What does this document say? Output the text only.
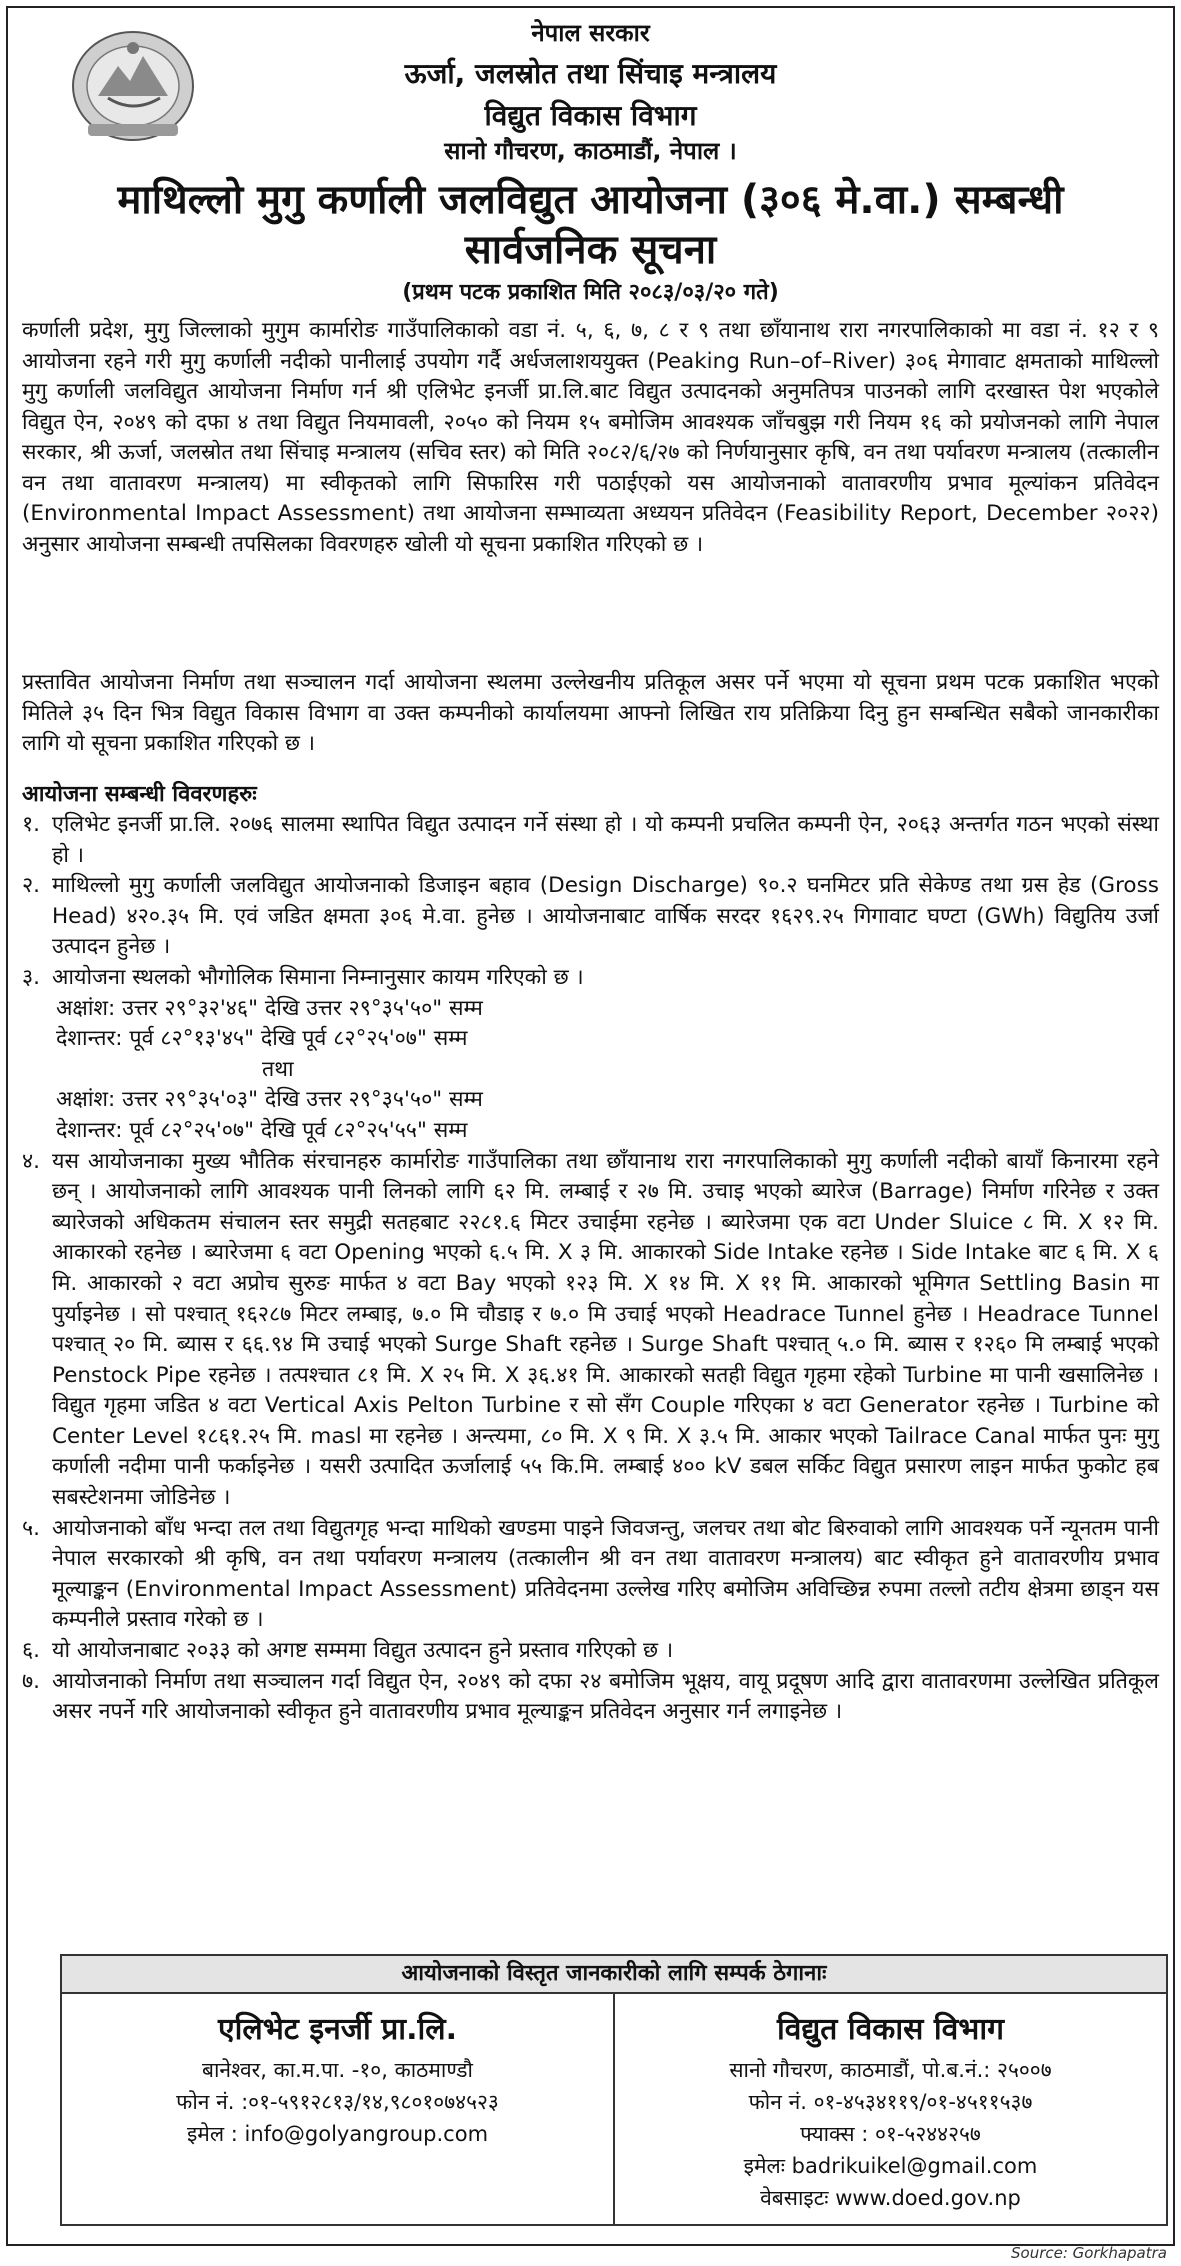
नेपाल सरकार
ऊर्जा, जलस्रोत तथा सिंचाइ मन्त्रालय
विद्युत विकास विभाग
सानो गौचरण, काठमाडौं, नेपाल ।
माथिल्लो मुगु कर्णाली जलविद्युत आयोजना (३०६ मे.वा.) सम्बन्धी
सार्वजनिक सूचना
(प्रथम पटक प्रकाशित मिति २०८३/०३/२० गते)

कर्णाली प्रदेश, मुगु जिल्लाको मुगुम कार्मारोङ गाउँपालिकाको वडा नं. ५, ६, ७, ८ र ९ तथा छाँयानाथ रारा नगरपालिकाको मा वडा नं. १२ र ९ आयोजना रहने गरी मुगु कर्णाली नदीको पानीलाई उपयोग गर्दै अर्धजलाशययुक्त (Peaking Run–of–River) ३०६ मेगावाट क्षमताको माथिल्लो मुगु कर्णाली जलविद्युत आयोजना निर्माण गर्न श्री एलिभेट इनर्जी प्रा.लि.बाट विद्युत उत्पादनको अनुमतिपत्र पाउनको लागि दरखास्त पेश भएकोले विद्युत ऐन, २०४९ को दफा ४ तथा विद्युत नियमावली, २०५० को नियम १५ बमोजिम आवश्यक जाँचबुझ गरी नियम १६ को प्रयोजनको लागि नेपाल सरकार, श्री ऊर्जा, जलस्रोत तथा सिंचाइ मन्त्रालय (सचिव स्तर) को मिति २०८२/६/२७ को निर्णयानुसार कृषि, वन तथा पर्यावरण मन्त्रालय (तत्कालीन वन तथा वातावरण मन्त्रालय) मा स्वीकृतको लागि सिफारिस गरी पठाईएको यस आयोजनाको वातावरणीय प्रभाव मूल्यांकन प्रतिवेदन (Environmental Impact Assessment) तथा आयोजना सम्भाव्यता अध्ययन प्रतिवेदन (Feasibility Report, December २०२२) अनुसार आयोजना सम्बन्धी तपसिलका विवरणहरु खोली यो सूचना प्रकाशित गरिएको छ ।

प्रस्तावित आयोजना निर्माण तथा सञ्चालन गर्दा आयोजना स्थलमा उल्लेखनीय प्रतिकूल असर पर्ने भएमा यो सूचना प्रथम पटक प्रकाशित भएको मितिले ३५ दिन भित्र विद्युत विकास विभाग वा उक्त कम्पनीको कार्यालयमा आफ्नो लिखित राय प्रतिक्रिया दिनु हुन सम्बन्धित सबैको जानकारीका लागि यो सूचना प्रकाशित गरिएको छ ।

आयोजना सम्बन्धी विवरणहरुः
१. एलिभेट इनर्जी प्रा.लि. २०७६ सालमा स्थापित विद्युत उत्पादन गर्ने संस्था हो । यो कम्पनी प्रचलित कम्पनी ऐन, २०६३ अन्तर्गत गठन भएको संस्था हो ।
२. माथिल्लो मुगु कर्णाली जलविद्युत आयोजनाको डिजाइन बहाव (Design Discharge) ९०.२ घनमिटर प्रति सेकेण्ड तथा ग्रस हेड (Gross Head) ४२०.३५ मि. एवं जडित क्षमता ३०६ मे.वा. हुनेछ । आयोजनाबाट वार्षिक सरदर १६२९.२५ गिगावाट घण्टा (GWh) विद्युतिय उर्जा उत्पादन हुनेछ ।
३. आयोजना स्थलको भौगोलिक सिमाना निम्नानुसार कायम गरिएको छ ।
अक्षांश: उत्तर २९°३२'४६" देखि उत्तर २९°३५'५०" सम्म
देशान्तर: पूर्व ८२°१३'४५" देखि पूर्व ८२°२५'०७" सम्म
तथा
अक्षांश: उत्तर २९°३५'०३" देखि उत्तर २९°३५'५०" सम्म
देशान्तर: पूर्व ८२°२५'०७" देखि पूर्व ८२°२५'५५" सम्म
४. यस आयोजनाका मुख्य भौतिक संरचानहरु कार्मारोङ गाउँपालिका तथा छाँयानाथ रारा नगरपालिकाको मुगु कर्णाली नदीको बायाँ किनारमा रहने छन् । आयोजनाको लागि आवश्यक पानी लिनको लागि ६२ मि. लम्बाई र २७ मि. उचाइ भएको ब्यारेज (Barrage) निर्माण गरिनेछ र उक्त ब्यारेजको अधिकतम संचालन स्तर समुद्री सतहबाट २२८१.६ मिटर उचाईमा रहनेछ । ब्यारेजमा एक वटा Under Sluice ८ मि. X १२ मि. आकारको रहनेछ । ब्यारेजमा ६ वटा Opening भएको ६.५ मि. X ३ मि. आकारको Side Intake रहनेछ । Side Intake बाट ६ मि. X ६ मि. आकारको २ वटा अप्रोच सुरुङ मार्फत ४ वटा Bay भएको १२३ मि. X १४ मि. X ११ मि. आकारको भूमिगत Settling Basin मा पुर्याइनेछ । सो पश्चात् १६२८७ मिटर लम्बाइ, ७.० मि चौडाइ र ७.० मि उचाई भएको Headrace Tunnel हुनेछ । Headrace Tunnel पश्चात् २० मि. ब्यास र ६६.९४ मि उचाई भएको Surge Shaft रहनेछ । Surge Shaft पश्चात् ५.० मि. ब्यास र १२६० मि लम्बाई भएको Penstock Pipe रहनेछ । तत्पश्चात ८१ मि. X २५ मि. X ३६.४१ मि. आकारको सतही विद्युत गृहमा रहेको Turbine मा पानी खसालिनेछ । विद्युत गृहमा जडित ४ वटा Vertical Axis Pelton Turbine र सो सँग Couple गरिएका ४ वटा Generator रहनेछ । Turbine को Center Level १८६१.२५ मि. masl मा रहनेछ । अन्त्यमा, ८० मि. X ९ मि. X ३.५ मि. आकार भएको Tailrace Canal मार्फत पुनः मुगु कर्णाली नदीमा पानी फर्काइनेछ । यसरी उत्पादित ऊर्जालाई ५५ कि.मि. लम्बाई ४०० kV डबल सर्किट विद्युत प्रसारण लाइन मार्फत फुकोट हब सबस्टेशनमा जोडिनेछ ।
५. आयोजनाको बाँध भन्दा तल तथा विद्युतगृह भन्दा माथिको खण्डमा पाइने जिवजन्तु, जलचर तथा बोट बिरुवाको लागि आवश्यक पर्ने न्यूनतम पानी नेपाल सरकारको श्री कृषि, वन तथा पर्यावरण मन्त्रालय (तत्कालीन श्री वन तथा वातावरण मन्त्रालय) बाट स्वीकृत हुने वातावरणीय प्रभाव मूल्याङ्कन (Environmental Impact Assessment) प्रतिवेदनमा उल्लेख गरिए बमोजिम अविच्छिन्न रुपमा तल्लो तटीय क्षेत्रमा छाड्न यस कम्पनीले प्रस्ताव गरेको छ ।
६. यो आयोजनाबाट २०३३ को अगष्ट सम्ममा विद्युत उत्पादन हुने प्रस्ताव गरिएको छ ।
७. आयोजनाको निर्माण तथा सञ्चालन गर्दा विद्युत ऐन, २०४९ को दफा २४ बमोजिम भूक्षय, वायू प्रदूषण आदि द्वारा वातावरणमा उल्लेखित प्रतिकूल असर नपर्ने गरि आयोजनाको स्वीकृत हुने वातावरणीय प्रभाव मूल्याङ्कन प्रतिवेदन अनुसार गर्न लगाइनेछ ।
आयोजनाको विस्तृत जानकारीको लागि सम्पर्क ठेगानाः
एलिभेट इनर्जी प्रा.लि.
बानेश्वर, का.म.पा. -१०, काठमाण्डौ
फोन नं. :०१-५९१२८१३/१४,९८०१०७४५२३
इमेल : info@golyangroup.com
विद्युत विकास विभाग
सानो गौचरण, काठमाडौं, पो.ब.नं.: २५००७
फोन नं. ०१-४५३४११९/०१-४५११५३७
फ्याक्स : ०१-५२४४२५७
इमेलः badrikuikel@gmail.com
वेबसाइटः www.doed.gov.np
Source: Gorkhapatra
